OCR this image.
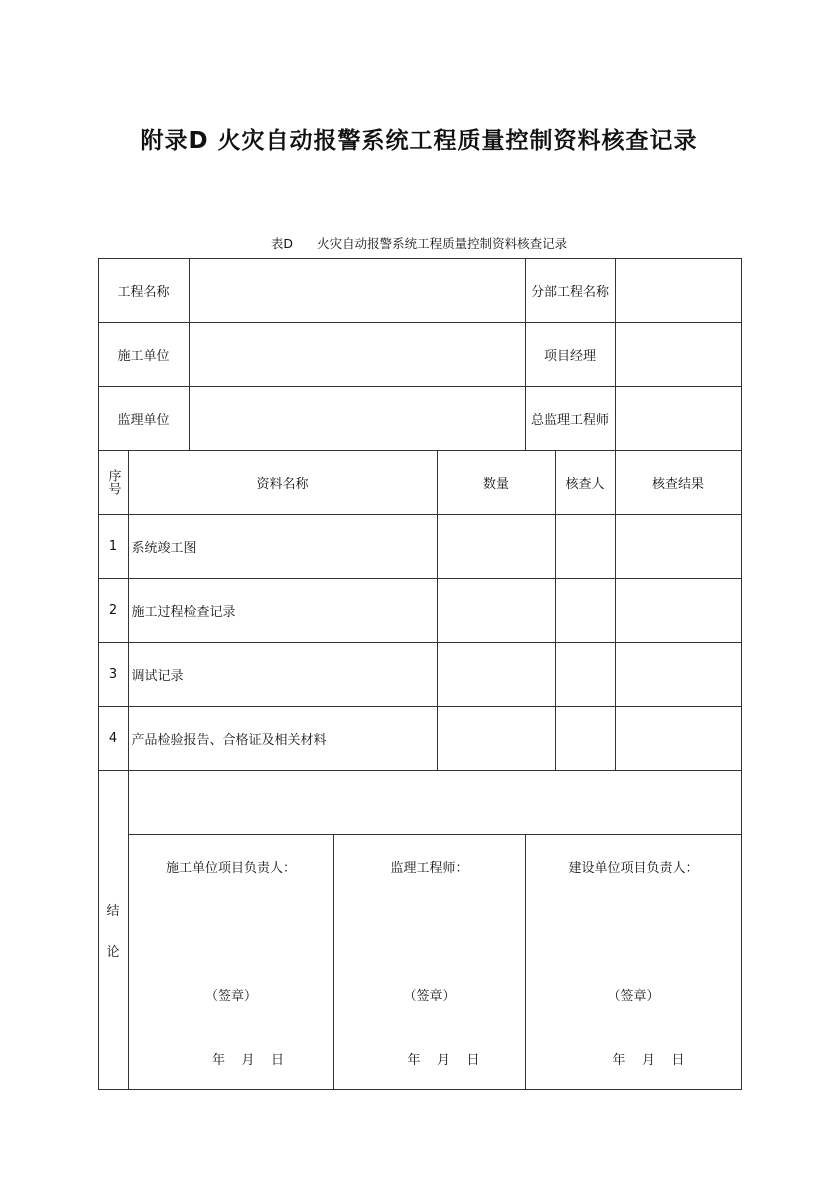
附录D 火灾自动报警系统工程质量控制资料核查记录
表D 火灾自动报警系统工程质量控制资料核查记录
工程名称	分部工程名称
施工单位	项目经理
监理单位	总监理工程师
序号	资料名称	数量	核查人	核查结果
1	系统竣工图
2	施工过程检查记录
3	调试记录
4	产品检验报告、合格证及相关材料
结
论
施工单位项目负责人：
（签章）
年    月    日
监理工程师：
（签章）
年    月    日
建设单位项目负责人：
（签章）
年    月    日
